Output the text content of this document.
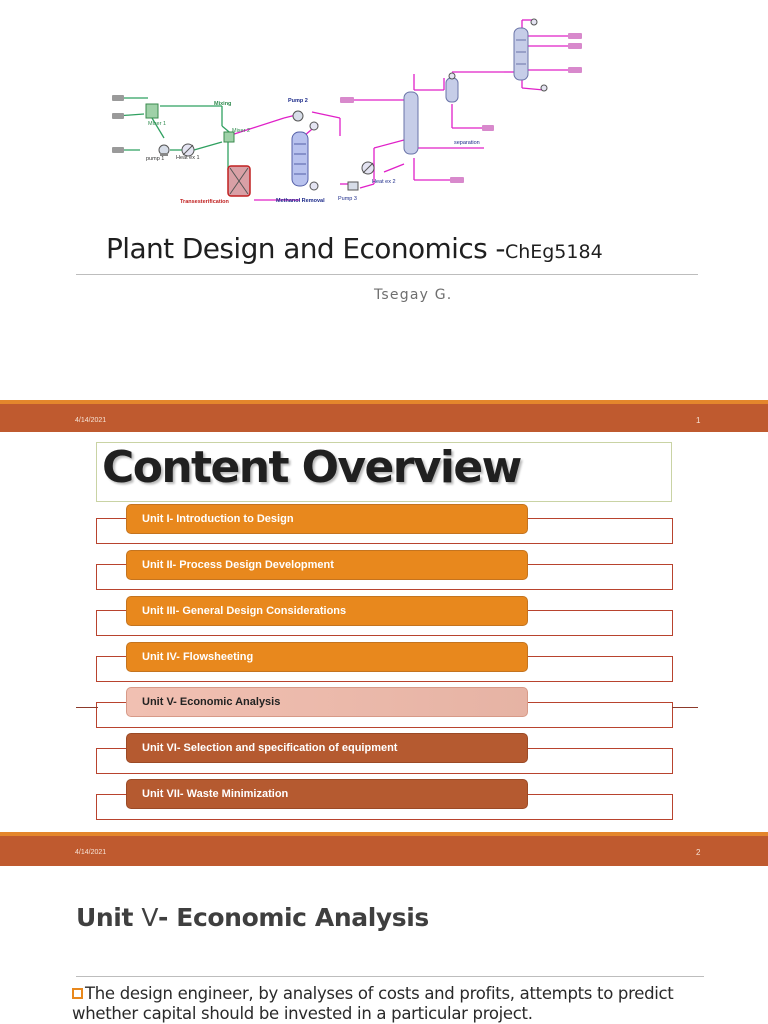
Mixing
Mixer 1
Mixer 2
pump 1 Heat ex 1
Transesterification
Pump 2
Methanol Removal Pump 3
Heat ex 2
separation
Plant Design and Economics -ChEg5184
Tsegay G.
4/14/2021	1
Content Overview
Unit I- Introduction to Design
Unit II- Process Design Development
Unit III- General Design Considerations
Unit IV- Flowsheeting
Unit V- Economic Analysis
Unit VI- Selection and specification of equipment
Unit VII- Waste Minimization
4/14/2021	2
Unit V- Economic Analysis
The design engineer, by analyses of costs and profits, attempts to predict whether capital should be invested in a particular project.
